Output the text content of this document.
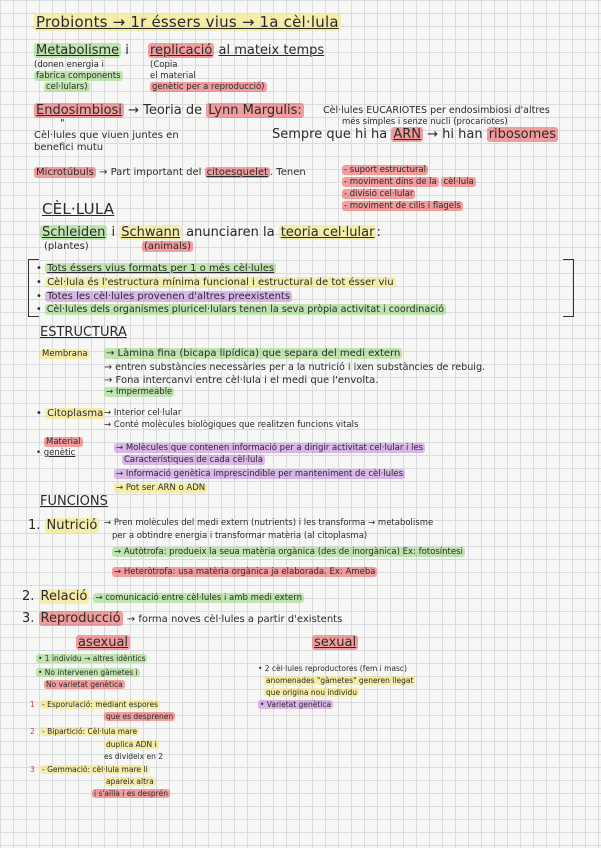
Probionts → 1r éssers vius → 1a cèl·lula
Metabolisme i replicació al mateix temps
(donen energia i
fabrica components
cel·lulars)
(Copia
el material
genètic per a reproducció)
Endosimbiosi → Teoria de Lynn Margulis: Cèl·lules EUCARIOTES per endosimbiosi d'altres
més simples i senze nucli (procariotes)
"
Cèl·lules que viuen juntes en
benefici mutu
Sempre que hi ha ARN → hi han ribosomes
Microtúbuls → Part important del citoesquelet . Tenen	- suport estructural
- moviment dins de la cèl·lula
- divisió cel·lular
- moviment de cilis i flagels
CÈL·LULA
Schleiden i Schwann anunciaren la teoria cel·lular :
(plantes)	(animals)
• Tots éssers vius formats per 1 o més cèl·lules
• Cèl·lula és l'estructura mínima funcional i estructural de tot ésser viu
• Totes les cèl·lules provenen d'altres preexistents
• Cèl·lules dels organismes pluricel·lulars tenen la seva pròpia activitat i coordinació
ESTRUCTURA
Membrana → Làmina fina (bicapa lipídica) que separa del medi extern
→ entren substàncies necessàries per a la nutrició i ixen substàncies de rebuig.
→ Fona intercanvi entre cèl·lula i el medi que l'envolta.
→ Impermeable
• Citoplasma → Interior cel·lular
→ Conté molècules biològiques que realitzen funcions vitals
Material
• genètic	→ Molècules que contenen informació per a dirigir activitat cel·lular i les
Característiques de cada cèl·lula
→ Informació genètica imprescindible per manteniment de cèl·lules
→ Pot ser ARN o ADN
FUNCIONS
1. Nutrició → Pren molècules del medi extern (nutrients) i les transforma → metabolisme
per a obtindre energia i transformar matèria (al citoplasma)
→ Autòtrofa: produeix la seua matèria orgànica (des de inorgànica) Ex: fotosíntesi
→ Heteròtrofa: usa matèria orgànica ja elaborada. Ex: Ameba
2. Relació → comunicació entre cèl·lules i amb medi extern
3. Reproducció → forma noves cèl·lules a partir d'existents
asexual
• 1 individu → altres idèntics
• No intervenen gàmetes i
No varietat genètica
1 - Esporulació: mediant espores
que es desprenen
2 - Bipartició: Cèl·lula mare
duplica ADN i
es divideix en 2
3 - Gemmació: cèl·lula mare li
apareix altra
i s'aïlla i es desprén
sexual
• 2 cèl·lules reproductores (fem i masc)
anomenades "gàmetes" generen llegat
que origina nou individu
• Varietat genètica
